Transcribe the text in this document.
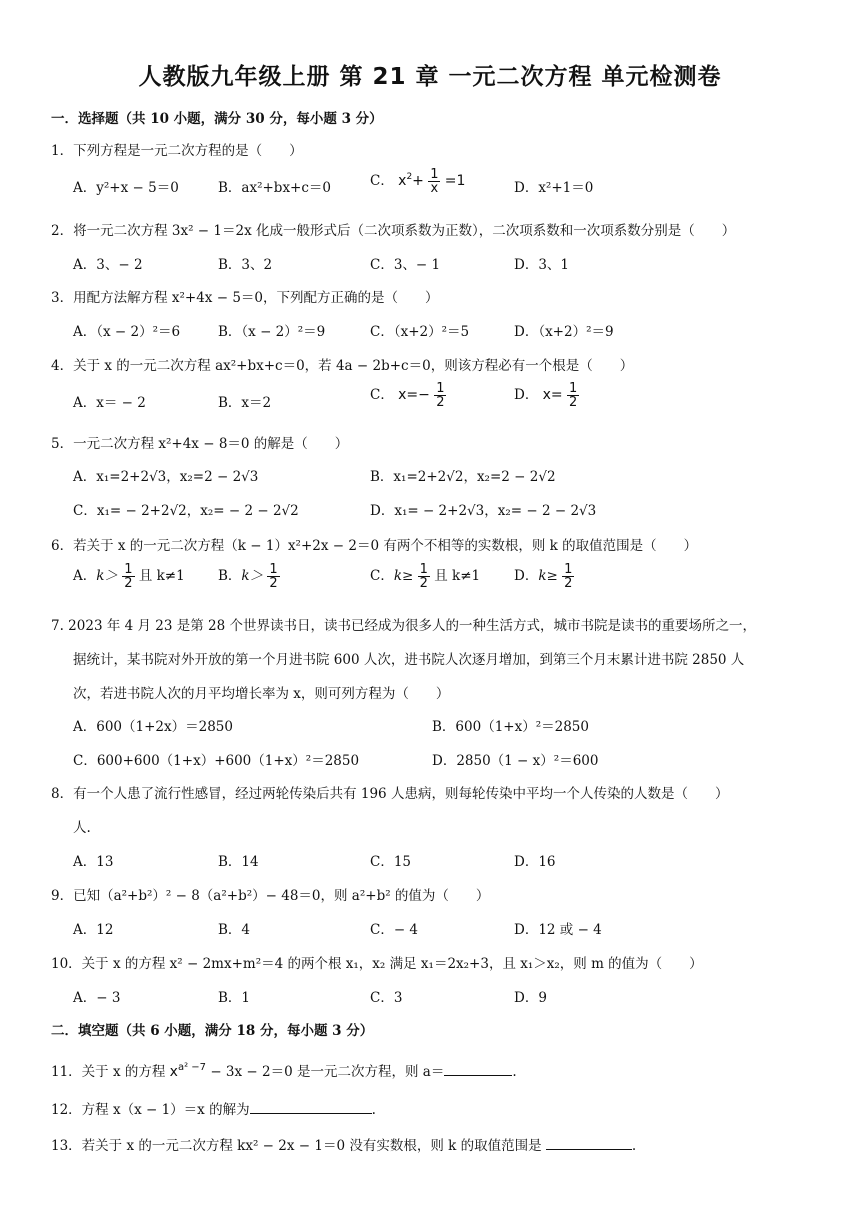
人教版九年级上册 第 21 章 一元二次方程 单元检测卷
一．选择题（共 10 小题，满分 30 分，每小题 3 分）
1．下列方程是一元二次方程的是（　　）
A．y²+x − 5＝0	B．ax²+bx+c＝0	C． $x^2+ \frac{1}{x} =1$	D．x²+1＝0
2．将一元二次方程 3x² − 1＝2x 化成一般形式后（二次项系数为正数），二次项系数和一次项系数分别是（　　）
A．3、− 2	B．3、2	C．3、− 1	D．3、1
3．用配方法解方程 x²+4x − 5＝0，下列配方正确的是（　　）
A．（x − 2）²＝6	B．（x − 2）²＝9	C．（x+2）²＝5	D．（x+2）²＝9
4．关于 x 的一元二次方程 ax²+bx+c＝0，若 4a − 2b+c＝0，则该方程必有一个根是（　　）
A．x＝ − 2	B．x＝2	C． $x=- \frac{1}{2}$	D． $x= \frac{1}{2}$
5．一元二次方程 x²+4x − 8＝0 的解是（　　）
A．x₁=2+2√3，x₂=2 − 2√3	B．x₁=2+2√2，x₂=2 − 2√2
C．x₁= − 2+2√2，x₂= − 2 − 2√2	D．x₁= − 2+2√3，x₂= − 2 − 2√3
6．若关于 x 的一元二次方程（k − 1）x²+2x − 2＝0 有两个不相等的实数根，则 k 的取值范围是（　　）
A．$k> \frac{1}{2}$ 且 k≠1 B．$k> \frac{1}{2}$	C．$k\ge \frac{1}{2}$ 且 k≠1	D．$k\ge \frac{1}{2}$
7. 2023 年 4 月 23 是第 28 个世界读书日，读书已经成为很多人的一种生活方式，城市书院是读书的重要场所之一，
据统计，某书院对外开放的第一个月进书院 600 人次，进书院人次逐月增加，到第三个月末累计进书院 2850 人
次，若进书院人次的月平均增长率为 x，则可列方程为（　　）
A．600（1+2x）＝2850	B．600（1+x）²＝2850
C．600+600（1+x）+600（1+x）²＝2850	D．2850（1 − x）²＝600
8．有一个人患了流行性感冒，经过两轮传染后共有 196 人患病，则每轮传染中平均一个人传染的人数是（　　）
人.
A．13	B．14	C．15	D．16
9．已知（a²+b²）² − 8（a²+b²）− 48＝0，则 a²+b² 的值为（　　）
A．12	B．4	C．− 4	D．12 或 − 4
10．关于 x 的方程 x² − 2mx+m²＝4 的两个根 x₁，x₂ 满足 x₁＝2x₂+3，且 x₁＞x₂，则 m 的值为（　　）
A．− 3	B．1	C．3	D．9
二．填空题（共 6 小题，满分 18 分，每小题 3 分）
11．关于 x 的方程 $x^{a^2 -7} - 3x - 2=0$ 是一元二次方程，则 a＝	.
12．方程 x（x − 1）＝x 的解为	.
13．若关于 x 的一元二次方程 kx² − 2x − 1＝0 没有实数根，则 k 的取值范围是	.
